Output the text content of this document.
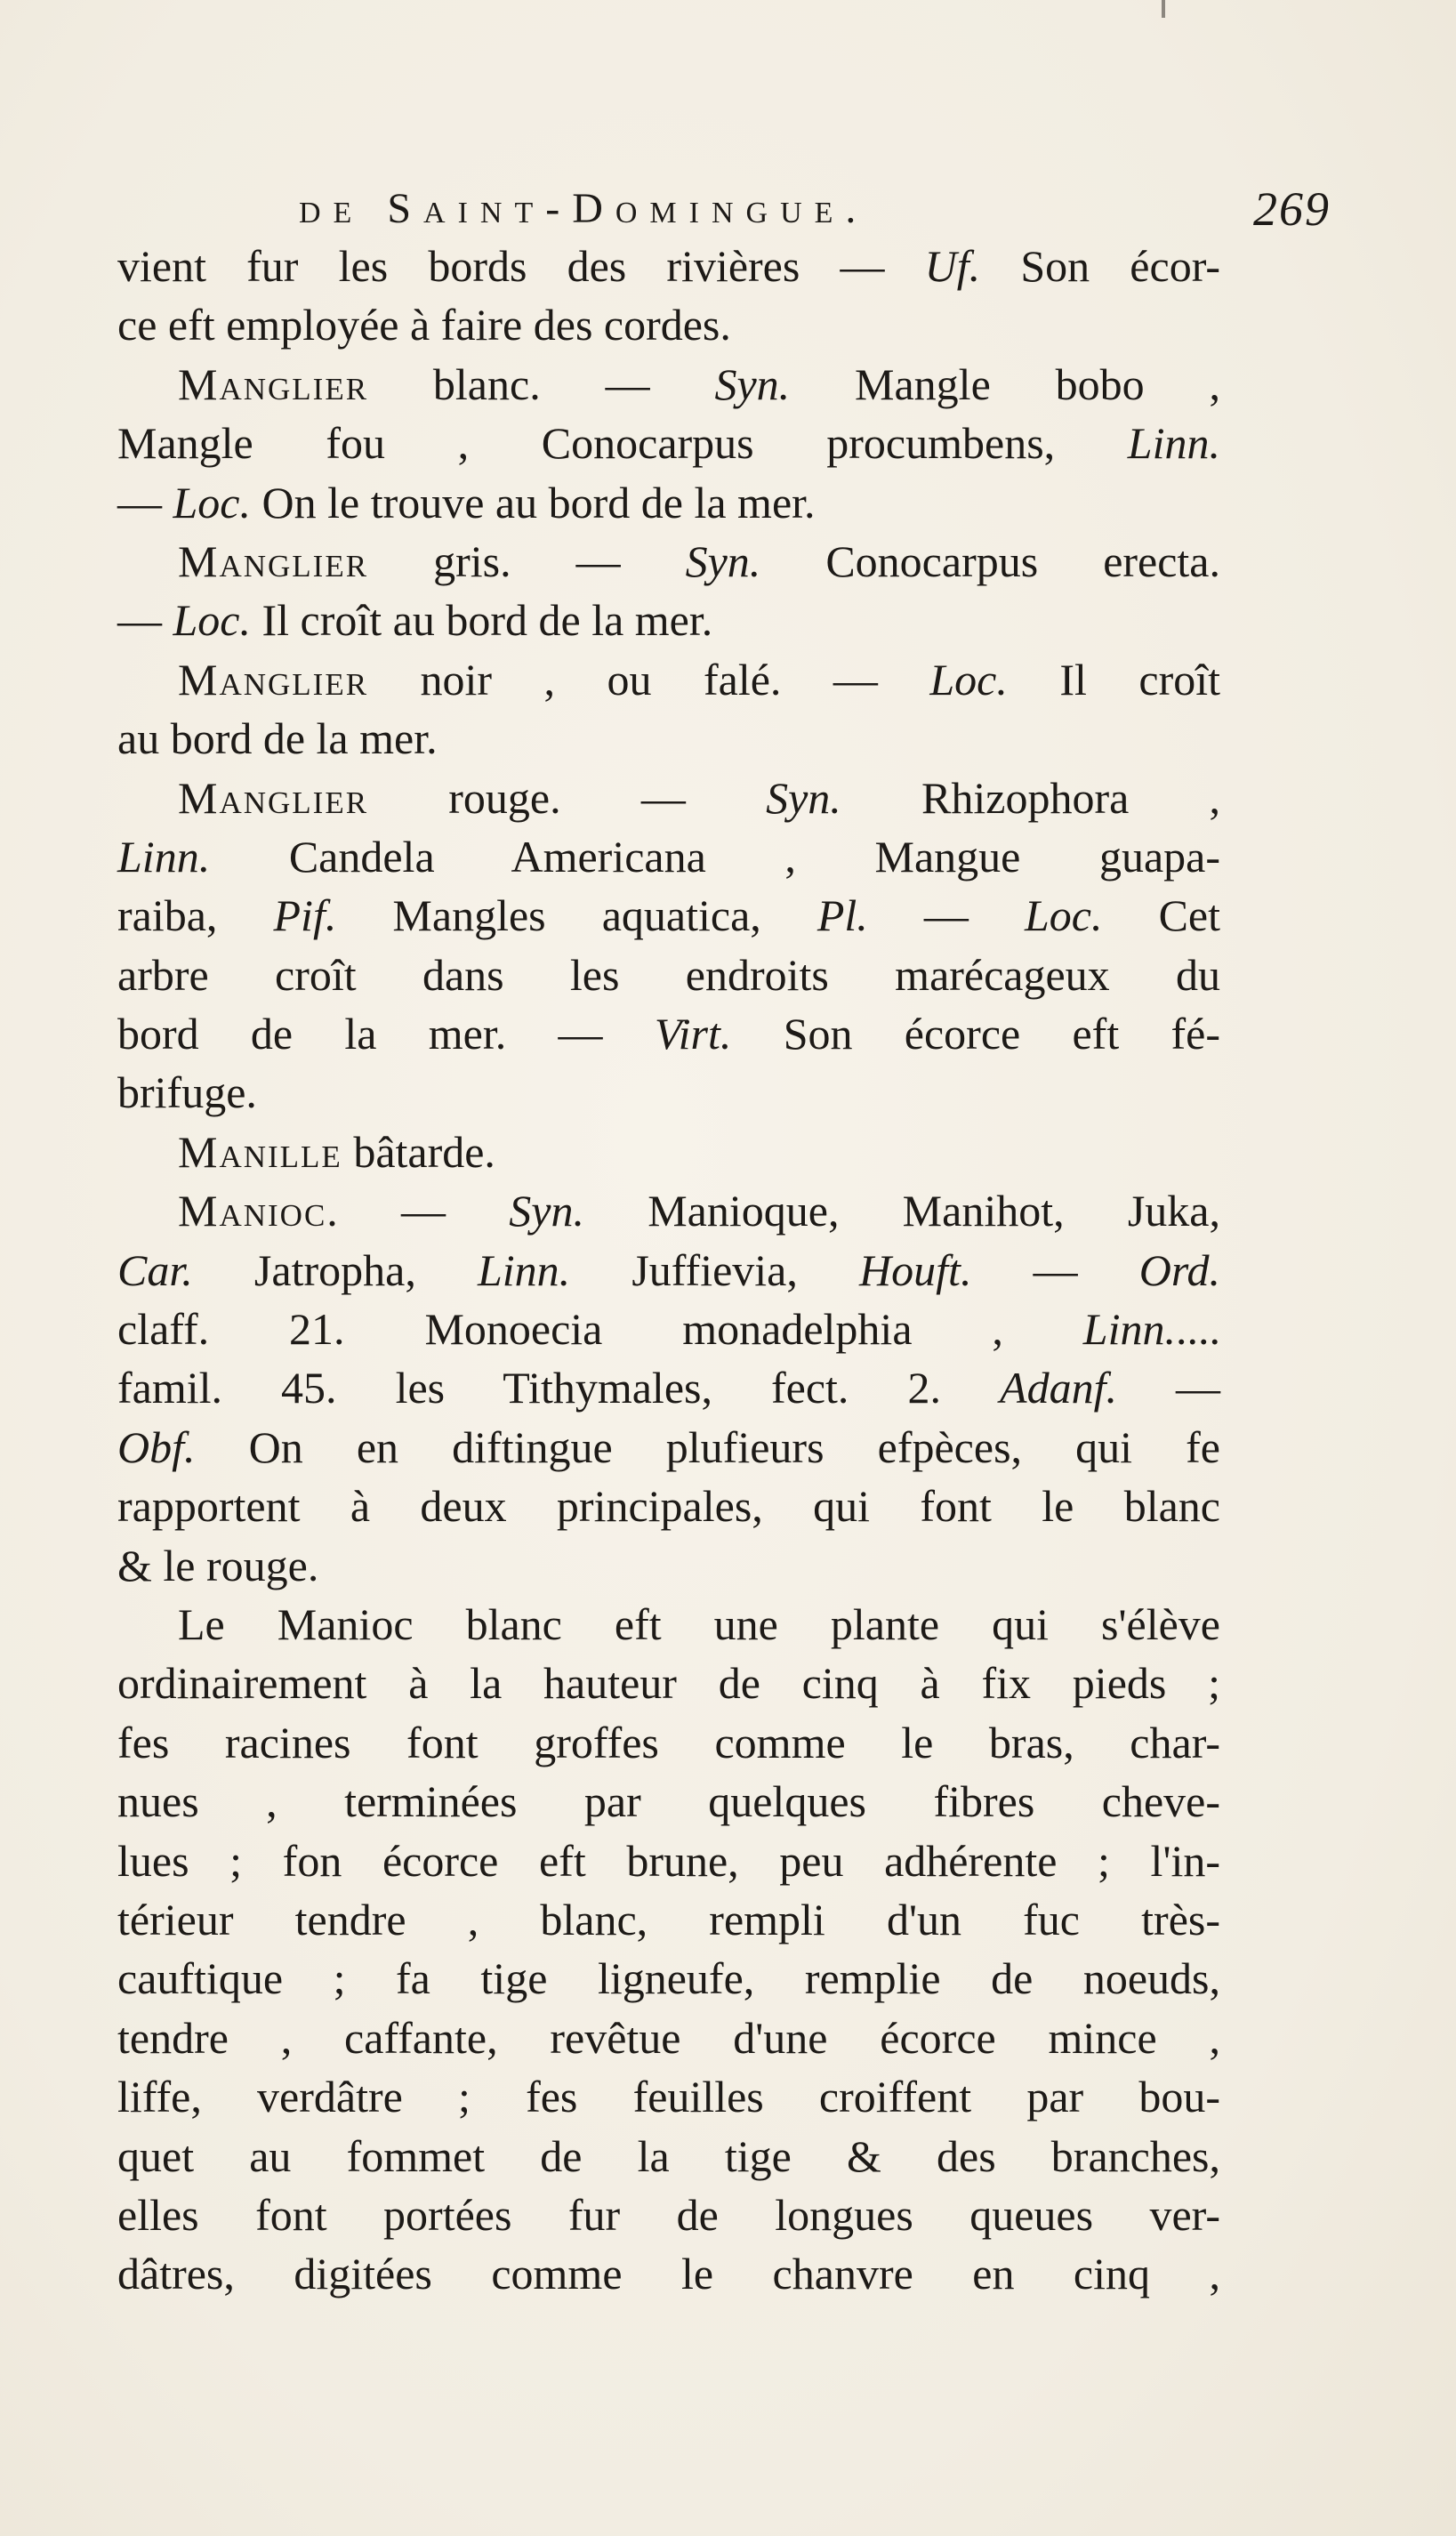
de Saint-Domingue.	269
vient fur les bords des rivières — Uf. Son écor-
ce eft employée à faire des cordes.
Manglier blanc. — Syn. Mangle bobo ,
Mangle fou , Conocarpus procumbens, Linn.
— Loc. On le trouve au bord de la mer.
Manglier gris. — Syn. Conocarpus erecta.
— Loc. Il croît au bord de la mer.
Manglier noir , ou falé. — Loc. Il croît
au bord de la mer.
Manglier rouge. — Syn. Rhizophora ,
Linn. Candela Americana , Mangue guapa-
raiba, Pif. Mangles aquatica, Pl. — Loc. Cet
arbre croît dans les endroits marécageux du
bord de la mer. — Virt. Son écorce eft fé-
brifuge.
Manille bâtarde.
Manioc. — Syn. Manioque, Manihot, Juka,
Car. Jatropha, Linn. Juffievia, Houft. — Ord.
claff. 21. Monoecia monadelphia , Linn.....
famil. 45. les Tithymales, fect. 2. Adanf. —
Obf. On en diftingue plufieurs efpèces, qui fe
rapportent à deux principales, qui font le blanc
& le rouge.
Le Manioc blanc eft une plante qui s'élève
ordinairement à la hauteur de cinq à fix pieds ;
fes racines font groffes comme le bras, char-
nues , terminées par quelques fibres cheve-
lues ; fon écorce eft brune, peu adhérente ; l'in-
térieur tendre , blanc, rempli d'un fuc très-
cauftique ; fa tige ligneufe, remplie de noeuds,
tendre , caffante, revêtue d'une écorce mince ,
liffe, verdâtre ; fes feuilles croiffent par bou-
quet au fommet de la tige & des branches,
elles font portées fur de longues queues ver-
dâtres, digitées comme le chanvre en cinq ,
